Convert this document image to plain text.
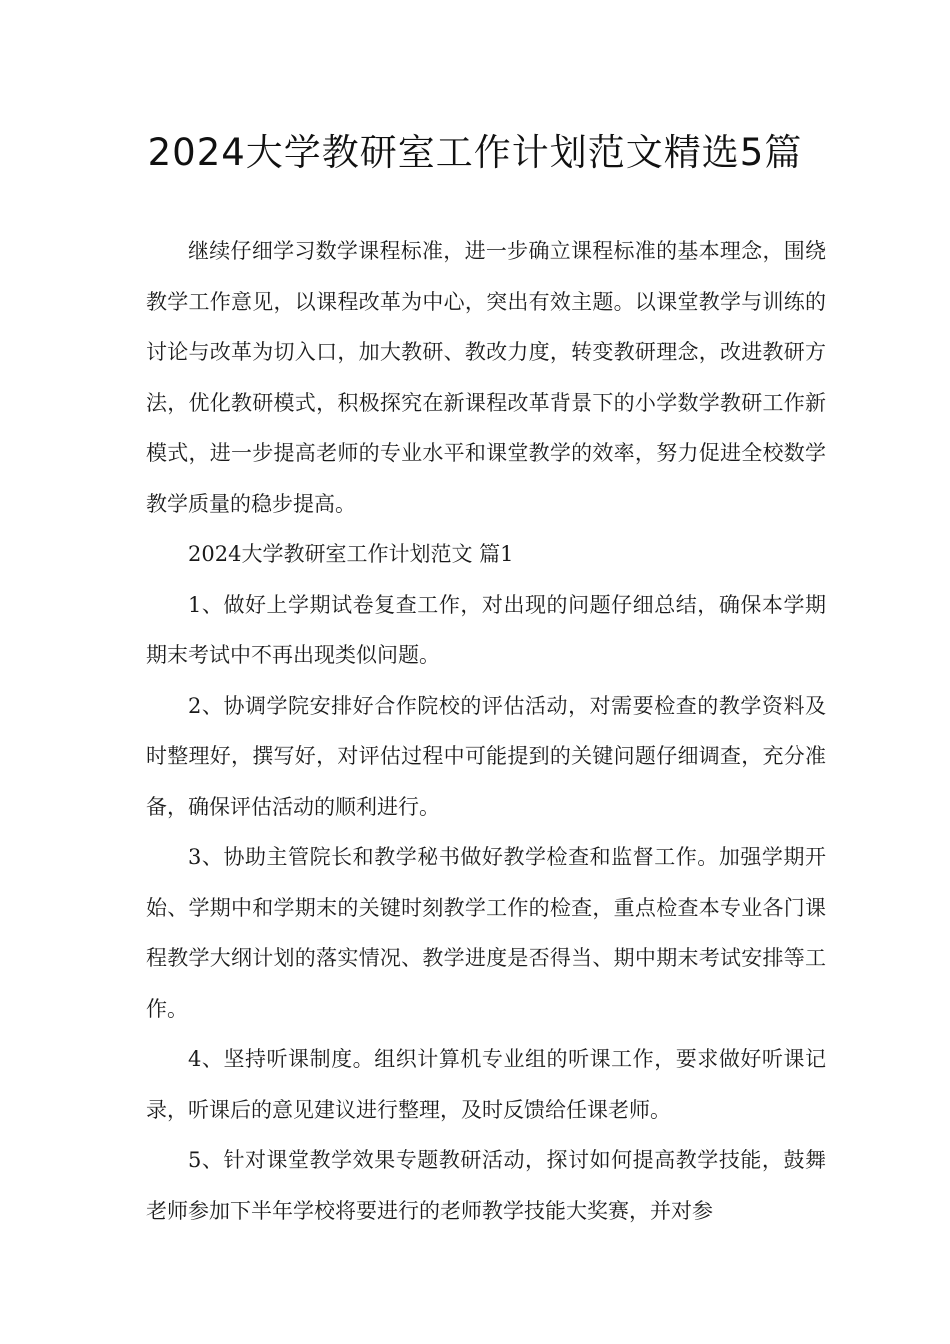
2024大学教研室工作计划范文精选5篇

继续仔细学习数学课程标准，进一步确立课程标准的基本理念，围绕教学工作意见，以课程改革为中心，突出有效主题。以课堂教学与训练的讨论与改革为切入口，加大教研、教改力度，转变教研理念，改进教研方法，优化教研模式，积极探究在新课程改革背景下的小学数学教研工作新模式，进一步提高老师的专业水平和课堂教学的效率，努力促进全校数学教学质量的稳步提高。

2024大学教研室工作计划范文 篇1

1、做好上学期试卷复查工作，对出现的问题仔细总结，确保本学期期末考试中不再出现类似问题。

2、协调学院安排好合作院校的评估活动，对需要检查的教学资料及时整理好，撰写好，对评估过程中可能提到的关键问题仔细调查，充分准备，确保评估活动的顺利进行。

3、协助主管院长和教学秘书做好教学检查和监督工作。加强学期开始、学期中和学期末的关键时刻教学工作的检查，重点检查本专业各门课程教学大纲计划的落实情况、教学进度是否得当、期中期末考试安排等工作。

4、坚持听课制度。组织计算机专业组的听课工作，要求做好听课记录，听课后的意见建议进行整理，及时反馈给任课老师。

5、针对课堂教学效果专题教研活动，探讨如何提高教学技能，鼓舞老师参加下半年学校将要进行的老师教学技能大奖赛，并对参
